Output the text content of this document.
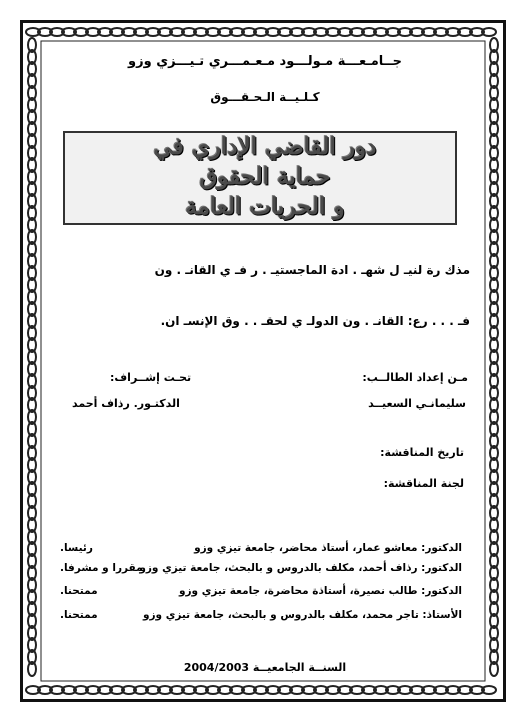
جــامـعـــة مـولـــود مـعـمـــري تـيـــزي وزو
كـلـيــة الـحـقـــوق
دور القاضي الإداري في
حماية الحقوق
و الحريات العامة
مذك رة لنيـ ل شهـ . ادة الماجستيـ . ر فـ ي القانـ . ون
فـ . . . رع: القانـ . ون الدولـ ي لحقـ . . وق الإنسـ ان.
مـن إعداد الطالــب:
تحـت إشــراف:
سليمانـي السعيــد
الدكتـور. رذاف أحمد
تاريخ المناقشة:
لجنة المناقشة:
الدكتور: معاشو عمار، أستاذ محاضر، جامعة تيزي وزو
رئيسا.
الدكتور: رذاف أحمد، مكلف بالدروس و بالبحث، جامعة تيزي وزو
مقررا و مشرفا.
الدكتور: طالب نصيرة، أستاذة محاضرة، جامعة تيزي وزو
ممتحنا.
الأستاذ: تاجر محمد، مكلف بالدروس و بالبحث، جامعة تيزي وزو
ممتحنا.
السنــة الجامعيــة 2004/2003
